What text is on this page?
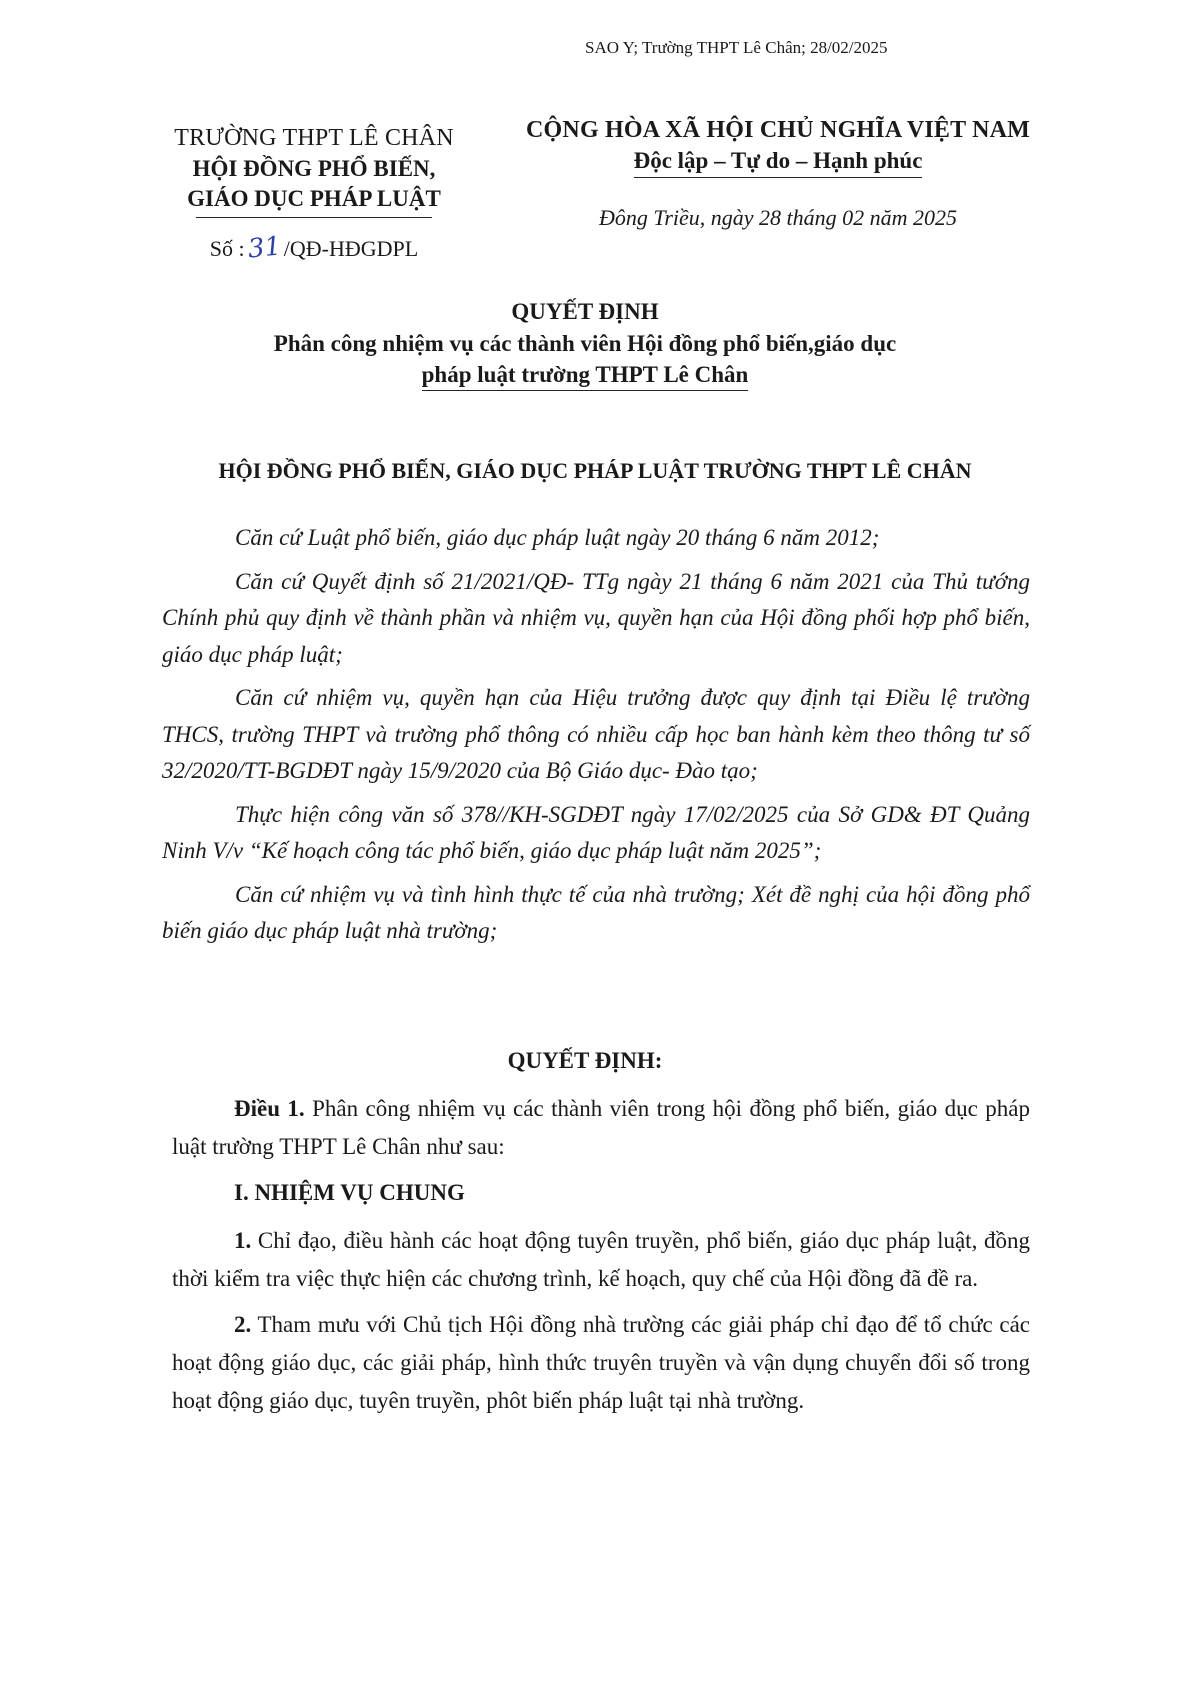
SAO Y; Trường THPT Lê Chân; 28/02/2025
TRƯỜNG THPT LÊ CHÂN
HỘI ĐỒNG PHỔ BIẾN,
GIÁO DỤC PHÁP LUẬT
Số :31/QĐ-HĐGDPL
CỘNG HÒA XÃ HỘI CHỦ NGHĨA VIỆT NAM
Độc lập – Tự do – Hạnh phúc
Đông Triều, ngày 28 tháng 02 năm 2025
QUYẾT ĐỊNH
Phân công nhiệm vụ các thành viên Hội đồng phổ biến,giáo dục
pháp luật trường THPT Lê Chân
HỘI ĐỒNG PHỔ BIẾN, GIÁO DỤC PHÁP LUẬT TRƯỜNG THPT LÊ CHÂN

Căn cứ Luật phổ biến, giáo dục pháp luật ngày 20 tháng 6 năm 2012;

Căn cứ Quyết định số 21/2021/QĐ- TTg ngày 21 tháng 6 năm 2021 của Thủ tướng Chính phủ quy định về thành phần và nhiệm vụ, quyền hạn của Hội đồng phối hợp phổ biến, giáo dục pháp luật;

Căn cứ nhiệm vụ, quyền hạn của Hiệu trưởng được quy định tại Điều lệ trường THCS, trường THPT và trường phổ thông có nhiều cấp học ban hành kèm theo thông tư số 32/2020/TT-BGDĐT ngày 15/9/2020 của Bộ Giáo dục- Đào tạo;

Thực hiện công văn số 378//KH-SGDĐT ngày 17/02/2025 của Sở GD& ĐT Quảng Ninh V/v “Kế hoạch công tác phổ biến, giáo dục pháp luật năm 2025”;

Căn cứ nhiệm vụ và tình hình thực tế của nhà trường; Xét đề nghị của hội đồng phổ biến giáo dục pháp luật nhà trường;

QUYẾT ĐỊNH:

Điều 1. Phân công nhiệm vụ các thành viên trong hội đồng phổ biến, giáo dục pháp luật trường THPT Lê Chân như sau:

I. NHIỆM VỤ CHUNG

1. Chỉ đạo, điều hành các hoạt động tuyên truyền, phổ biến, giáo dục pháp luật, đồng thời kiểm tra việc thực hiện các chương trình, kế hoạch, quy chế của Hội đồng đã đề ra.

2. Tham mưu với Chủ tịch Hội đồng nhà trường các giải pháp chỉ đạo để tổ chức các hoạt động giáo dục, các giải pháp, hình thức truyên truyền và vận dụng chuyển đổi số trong hoạt động giáo dục, tuyên truyền, phôt biến pháp luật tại nhà trường.
